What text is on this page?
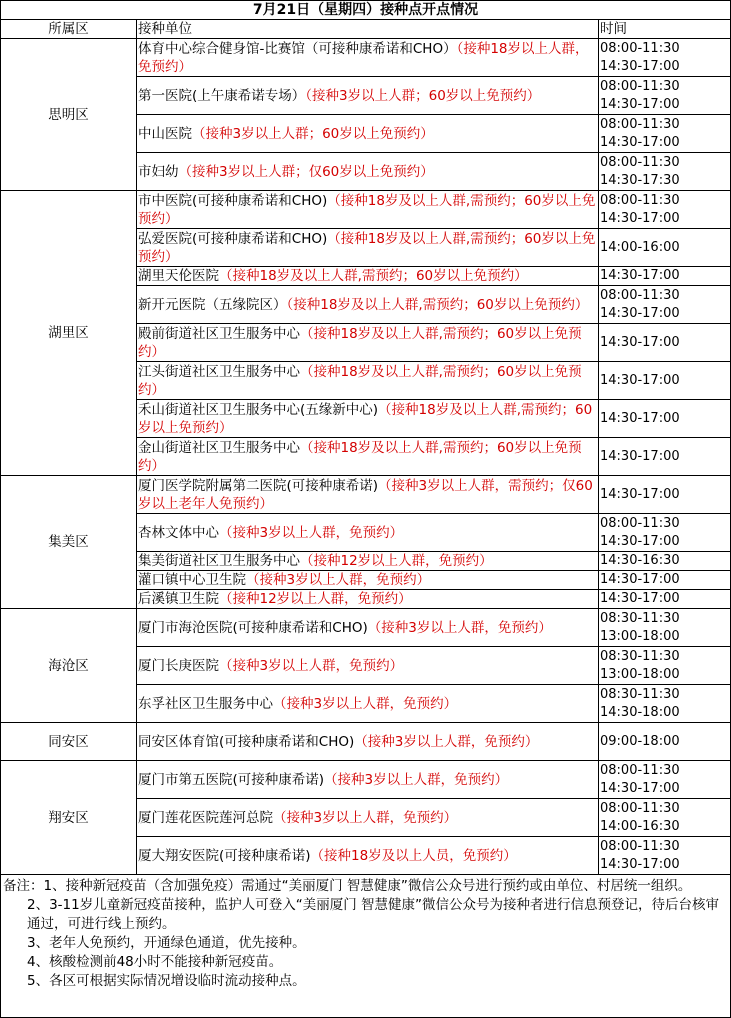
7月21日（星期四）接种点开点情况		
所属区	接种单位	时间
思明区	体育中心综合健身馆-比赛馆（可接种康希诺和CHO）（接种18岁以上人群，免预约）	08:00-11:30
14:30-17:00

	第一医院(上午康希诺专场）（接种3岁以上人群；60岁以上免预约）	08:00-11:30
14:30-17:00

	中山医院（接种3岁以上人群；60岁以上免预约）	08:00-11:30
14:30-17:00

	市妇幼（接种3岁以上人群；仅60岁以上免预约）	08:00-11:30
14:30-17:30

湖里区	市中医院(可接种康希诺和CHO)（接种18岁及以上人群,需预约；60岁以上免预约）	08:00-11:30
14:30-17:00

	弘爱医院(可接种康希诺和CHO)（接种18岁及以上人群,需预约；60岁以上免预约）	14:00-16:00

	湖里天伦医院（接种18岁及以上人群,需预约；60岁以上免预约）	14:30-17:00

	新开元医院（五缘院区）（接种18岁及以上人群,需预约；60岁以上免预约）	08:00-11:30
14:30-17:00

	殿前街道社区卫生服务中心（接种18岁及以上人群,需预约；60岁以上免预约）	14:30-17:00

	江头街道社区卫生服务中心（接种18岁及以上人群,需预约；60岁以上免预约）	14:30-17:00

	禾山街道社区卫生服务中心(五缘新中心)（接种18岁及以上人群,需预约；60岁以上免预约）	14:30-17:00

	金山街道社区卫生服务中心（接种18岁及以上人群,需预约；60岁以上免预约）	14:30-17:00

集美区	厦门医学院附属第二医院(可接种康希诺)（接种3岁以上人群，需预约；仅60岁以上老年人免预约）	14:30-17:00

	杏林文体中心（接种3岁以上人群，免预约）	08:00-11:30
14:30-17:00

	集美街道社区卫生服务中心（接种12岁以上人群，免预约）	14:30-16:30

	灌口镇中心卫生院（接种3岁以上人群，免预约）	14:30-17:00

	后溪镇卫生院（接种12岁以上人群，免预约）	14:30-17:00

海沧区	厦门市海沧医院(可接种康希诺和CHO)（接种3岁以上人群，免预约）	08:30-11:30
13:00-18:00

	厦门长庚医院（接种3岁以上人群，免预约）	08:30-11:30
13:00-18:00

	东孚社区卫生服务中心（接种3岁以上人群，免预约）	08:30-11:30
14:30-18:00

同安区	同安区体育馆(可接种康希诺和CHO)（接种3岁以上人群，免预约）	09:00-18:00

翔安区	厦门市第五医院(可接种康希诺)（接种3岁以上人群，免预约）	08:00-11:30
14:30-17:00

	厦门莲花医院莲河总院（接种3岁以上人群，免预约）	08:00-11:30
14:00-16:30

	厦大翔安医院(可接种康希诺)（接种18岁及以上人员，免预约）	08:00-11:30
14:30-17:00

备注：1、接种新冠疫苗（含加强免疫）需通过“美丽厦门 智慧健康”微信公众号进行预约或由单位、村居统一组织。
2、3-11岁儿童新冠疫苗接种，监护人可登入“美丽厦门 智慧健康”微信公众号为接种者进行信息预登记，待后台核审通过，可进行线上预约。
3、老年人免预约，开通绿色通道，优先接种。
4、核酸检测前48小时不能接种新冠疫苗。
5、各区可根据实际情况增设临时流动接种点。		
